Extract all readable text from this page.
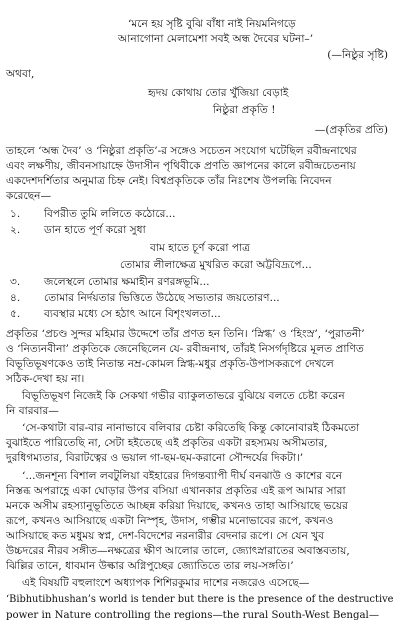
‘মনে হয় সৃষ্টি বুঝি বাঁধা নাই নিয়মনিগড়ে
আনাগোনা মেলামেশা সবই অন্ধ দৈবের ঘটনা–’
(—নিষ্ঠুর সৃষ্টি)
অথবা,
হৃদয় কোথায় তোর খুঁজিয়া বেড়াই
নিষ্ঠুরা প্রকৃতি !
—(প্রকৃতির প্রতি)
তাহলে ‘অন্ধ দৈব’ ও ‘নিষ্ঠুরা প্রকৃতি’-র সঙ্গেও সচেতন সংযোগ ঘটেছিল রবীন্দ্রনাথের
এবং লক্ষণীয়, জীবনসায়াহ্নে উদাসীন পৃথিবীকে প্রণতি জ্ঞাপনের কালে রবীন্দ্রচেতনায়
একদেশদর্শিতার অনুমাত্র চিহ্ন নেই। বিশ্বপ্রকৃতিকে তাঁর নিঃশেষ উপলব্ধি নিবেদন
করেছেন—
১. বিপরীত তুমি ললিতে কঠোরে...
২. ডান হাতে পূর্ণ করো সুধা
বাম হাতে চূর্ণ করো পাত্র
তোমার লীলাক্ষেত্র মুখরিত করো অট্টবিদ্রূপে...
৩. জলেস্থলে তোমার ক্ষমাহীন রণরঙ্গভূমি...
৪. তোমার নির্দয়তার ভিত্তিতে উঠেছে সভ্যতার জয়তোরণ...
৫. ব্যবস্থার মধ্যে সে হঠাৎ আনে বিশৃংখলতা...
প্রকৃতির ‘প্রচণ্ড সুন্দর মহিমার উদ্দেশে তাঁর প্রণত হন তিনি। ‘স্নিগ্ধ’ ও ‘হিংস্র’, ‘পুরাতনী’
ও ‘নিত্যনবীনা’ প্রকৃতিকে জেনেছিলেন যে- রবীন্দ্রনাথ, তাঁরই নিসর্গদৃষ্টিরে মূলত প্রাণিত
বিভূতিভূষণকেও তাই নিতান্ত নম্র-কোমল স্নিগ্ধ-মধুর প্রকৃতি-উপাসকরূপে দেখলে
সঠিক-দেখা হয় না।
বিভূতিভূষণ নিজেই কি সেকথা গভীর ব্যাকুলতাভরে বুঝিয়ে বলতে চেষ্টা করেন
নি বারবার—
‘সে-কথাটা বার-বার নানাভাবে বলিবার চেষ্টা করিতেছি কিন্তু কোনোবারই ঠিকমতো
বুঝাইতে পারিতেছি না, সেটা হইতেছে এই প্রকৃতির একটা রহস্যময় অসীমতার,
দুরধিগম্যতার, বিরাটত্বের ও ভয়াল গা-ছম-ছম-করানো সৌন্দর্যের দিকটা।’
‘...জনশূন্য বিশাল লবটুলিয়া বইহারের দিগন্তব্যাপী দীর্ঘ বনঝাউ ও কাশের বনে
নিস্তব্ধ অপরাহ্ণে একা ঘোড়ার উপর বসিয়া এখানকার প্রকৃতির এই রূপ আমার সারা
মনকে অসীম রহস্যানুভূতিতে আচ্ছন্ন করিয়া দিয়াছে, কখনও তাহা আসিয়াছে ভয়ের
রূপে, কখনও আসিয়াছে একটা নিস্পৃহ, উদাস, গম্ভীর মনোভাবের রূপে, কখনও
আসিয়াছে কত মধুময় স্বপ্ন, দেশ-বিদেশের নরনারীর বেদনার রূপে। সে যেন খুব
উচ্চদরের নীরব সঙ্গীত—নক্ষত্রের ক্ষীণ আলোর তালে, জ্যোৎস্নারাতের অবাস্তবতায়,
ঝিল্লির তানে, ধাবমান উল্কার অগ্নিপুচ্ছের জ্যোতিতে তার লয়-সঙ্গতি।’
এই বিষয়টি বহুলাংশে অধ্যাপক শিশিরকুমার দাশের নজরেও এসেছে—
‘Bibhutibhushan’s world is tender but there is the presence of the destructive
power in Nature controlling the regions—the rural South-West Bengal—
